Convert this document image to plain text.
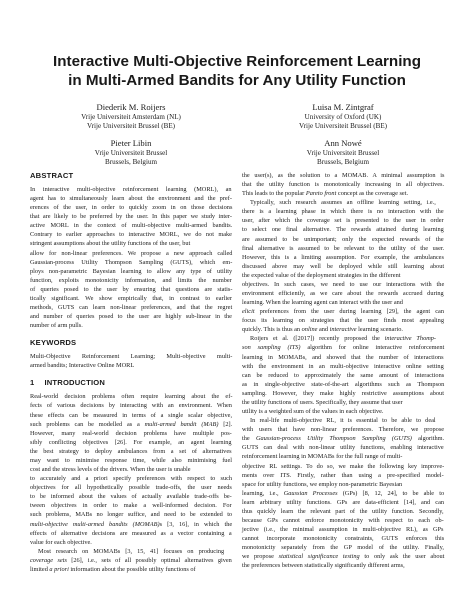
Interactive Multi-Objective Reinforcement Learning
in Multi-Armed Bandits for Any Utility Function
Diederik M. Roijers
Vrije Universiteit Amsterdam (NL)
Vrije Universiteit Brussel (BE)
Luisa M. Zintgraf
University of Oxford (UK)
Vrije Universiteit Brussel (BE)
Pieter Libin
Vrije Universiteit Brussel
Brussels, Belgium
Ann Nowé
Vrije Universiteit Brussel
Brussels, Belgium
ABSTRACT
In interactive multi-objective reinforcement learning (MORL), an
agent has to simultaneously learn about the environment and the pref-
erences of the user, in order to quickly zoom in on those decisions
that are likely to be preferred by the user. In this paper we study inter-
active MORL in the context of multi-objective multi-armed bandits.
Contrary to earlier approaches to interactive MORL, we do not make
stringent assumptions about the utility functions of the user, but
allow for non-linear preferences. We propose a new approach called
Gaussian-process Utility Thompson Sampling (GUTS), which em-
ploys non-parametric Bayesian learning to allow any type of utility
function, exploits monotonicity information, and limits the number
of queries posed to the user by ensuring that questions are statis-
tically significant. We show empirically that, in contrast to earlier
methods, GUTS can learn non-linear preferences, and that the regret
and number of queries posed to the user are highly sub-linear in the
number of arm pulls.
KEYWORDS
Multi-Objective Reinforcement Learning; Multi-objective multi-
armed bandits; Interactive Online MORL
1 INTRODUCTION
Real-world decision problems often require learning about the ef-
fects of various decisions by interacting with an environment. When
these effects can be measured in terms of a single scalar objective,
such problems can be modelled as a multi-armed bandit (MAB) [2].
However, many real-world decision problems have multiple pos-
sibly conflicting objectives [26]. For example, an agent learning
the best strategy to deploy ambulances from a set of alternatives
may want to minimise response time, while also minimising fuel
cost and the stress levels of the drivers. When the user is unable
to accurately and a priori specify preferences with respect to such
objectives for all hypothetically possible trade-offs, the user needs
to be informed about the values of actually available trade-offs be-
tween objectives in order to make a well-informed decision. For
such problems, MABs no longer suffice, and need to be extended to
multi-objective multi-armed bandits (MOMAB)s [3, 16], in which the
effects of alternative decisions are measured as a vector containing a
value for each objective.
Most research on MOMABs [3, 15, 41] focuses on producing
coverage sets [26], i.e., sets of all possibly optimal alternatives given
limited a priori information about the possible utility functions of
the user(s), as the solution to a MOMAB. A minimal assumption is
that the utility function is monotonically increasing in all objectives.
This leads to the popular Pareto front concept as the coverage set.
Typically, such research assumes an offline learning setting, i.e.,
there is a learning phase in which there is no interaction with the
user, after which the coverage set is presented to the user in order
to select one final alternative. The rewards attained during learning
are assumed to be unimportant; only the expected rewards of the
final alternative is assumed to be relevant to the utility of the user.
However, this is a limiting assumption. For example, the ambulances
discussed above may well be deployed while still learning about
the expected value of the deployment strategies in the different
objectives. In such cases, we need to use our interactions with the
environment efficiently, as we care about the rewards accrued during
learning. When the learning agent can interact with the user and
elicit preferences from the user during learning [29], the agent can
focus its learning on strategies that the user finds most appealing
quickly. This is thus an online and interactive learning scenario.
Roijers et al. ([2017]) recently proposed the interactive Thomp-
son sampling (ITS) algorithm for online interactive reinforcement
learning in MOMABs, and showed that the number of interactions
with the environment in an multi-objective interactive online setting
can be reduced to approximately the same amount of interactions
as in single-objective state-of-the-art algorithms such as Thompson
sampling. However, they make highly restrictive assumptions about
the utility functions of users. Specifically, they assume that user
utility is a weighted sum of the values in each objective.
In real-life multi-objective RL, it is essential to be able to deal
with users that have non-linear preferences. Therefore, we propose
the Gaussian-process Utility Thompson Sampling (GUTS) algorithm.
GUTS can deal with non-linear utility functions, enabling interactive
reinforcement learning in MOMABs for the full range of multi-
objective RL settings. To do so, we make the following key improve-
ments over ITS. Firstly, rather than using a pre-specified model-
space for utility functions, we employ non-parametric Bayesian
learning, i.e., Gaussian Processes (GPs) [8, 12, 24], to be able to
learn arbitrary utility functions. GPs are data-efficient [14], and can
thus quickly learn the relevant part of the utility function. Secondly,
because GPs cannot enforce monotonicity with respect to each ob-
jective (i.e., the minimal assumption in multi-objective RL), as GPs
cannot incorporate monotonicity constraints, GUTS enforces this
monotonicity separately from the GP model of the utility. Finally,
we propose statistical significance testing to only ask the user about
the preferences between statistically significantly different arms,
